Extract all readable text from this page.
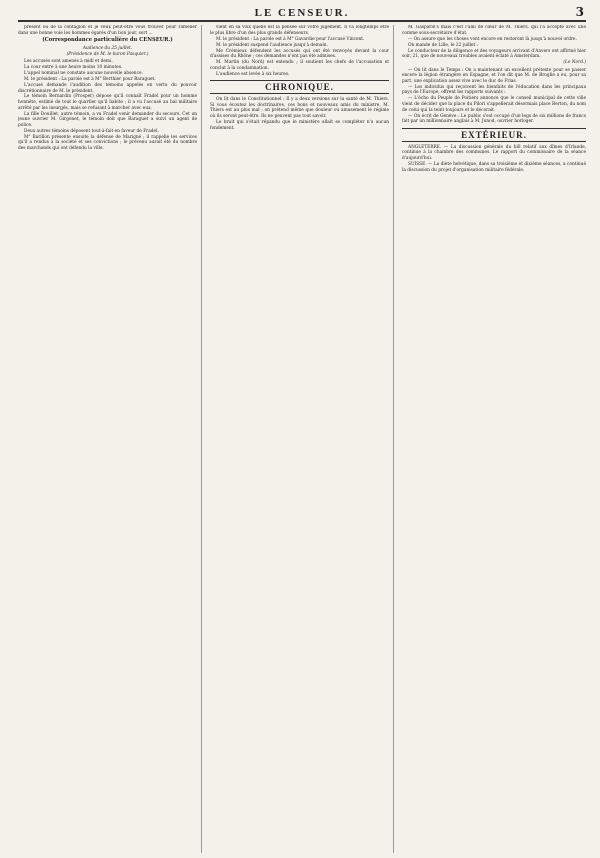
LE CENSEUR.	3

présent ou de la contagion et je veux peut-être vous trouver pour ramener dans une bonne voie les hommes égarés d'un bon jour, sort ...

(Correspondance particulière du CENSEUR.)

Audience du 25 juillet.

(Présidence de M. le baron Pasquier.)

Les accusés sont amenés à midi et demi.

La cour entre à une heure moins 10 minutes.

L'appel nominal ne constate aucune nouvelle absence.

M. le président : La parole est à M° Berthier pour Baraguet.

L'accusé demande l'audition des témoins appelés en vertu du pouvoir discrétionnaire de M. le président.

Le témoin Bernardin (Prosper) dépose qu'il connaît Fradel pour un homme honnête, estimé de tout le quartier qu'il habite ; il a vu l'accusé au bal militaire arrêté par les insurgés, mais se refusant à marcher avec eux.

La fille Douillet, autre témoin, a vu Fradel venir demander du secours. Cet un jeune ouvrier M. Girgonet, le témoin doit que Baraguet a suivi un agent de police.

Deux autres témoins déposent tout-à-fait en faveur de Fradel.

M° Barillon présente ensuite la défense de Marigné ; il rappelle les services qu'il a rendus à la société et ses convictions ; le prévenu aurait été du nombre des marchands qui ont défendu la ville.

vient en sa voix quelle est la pensée sur votre jugement. Il va longtemps être le plus libre d'un des plus grands défenseurs.

M. le président : La parole est à M° Gavardie pour l'accusé Vincent.

M. le président suspend l'audience jusqu'à demain.

Me Crémieux défendent les accusés qui ont été renvoyés devant la cour d'assises du Rhône ; ces demandes n'ont pas été admises.

M. Martin (du Nord) est entendu ; il soutient les chefs de l'accusation et conclut à la condamnation.

L'audience est levée à six heures.

CHRONIQUE.

On lit dans le Constitutionnel : Il y a deux versions sur la santé de M. Thiers. Si vous écoutez les doctrinaires, ces bons et nouveaux amis du ministre, M. Thiers est au plus mal ; on prétend même que douleur ou amusement le régime où ils seront peut-être. Ils ne peuvent pas tout savoir.

Le bruit qui s'était répandu que le ministère allait se compléter n'a aucun fondement.

M. Gasparin's mais c'est l'ami de cœur de M. Thiers, qui l'a accepté avec une comme sous-secrétaire d'état.

— On assure que les choses vont encore en resteront là jusqu'à nouvel ordre.

On mande de Lille, le 22 juillet :

Le conducteur de la diligence et des voyageurs arrivant d'Anvers ont affirmé hier soir, 21, que de nouveaux troubles avaient éclaté à Amsterdam.

(Le Nord.)

— On lit dans le Temps : On a maintenant un excellent prétexte pour se passer encore la légion étrangère en Espagne, et l'on dit que M. de Broglie a eu, pour sa part, une explication assez vive avec le duc de Frias.

— Les individus qui reçoivent les bienfaits de l'éducation dans les principaux pays de l'Europe, offrent les rapports suivants :

— L'écho du Peuple de Poitiers annonce que le conseil municipal de cette ville vient de décider que la place du Pilori s'appellerait désormais place Berton, du nom de celui qui la teint toujours et le décorait.

— On écrit de Genève : Le public s'est occupé d'un legs de six millions de francs fait par un millionnaire anglais à M. Junod, ouvrier horloger.

EXTÉRIEUR.

ANGLETERRE. — La discussion générale du bill relatif aux dîmes d'Irlande, continue à la chambre des communes. Le rapport du commissaire de la séance d'aujourd'hui.

SUISSE. — La diète helvétique, dans sa troisième et dixième séances, a continué la discussion du projet d'organisation militaire fédérale.
